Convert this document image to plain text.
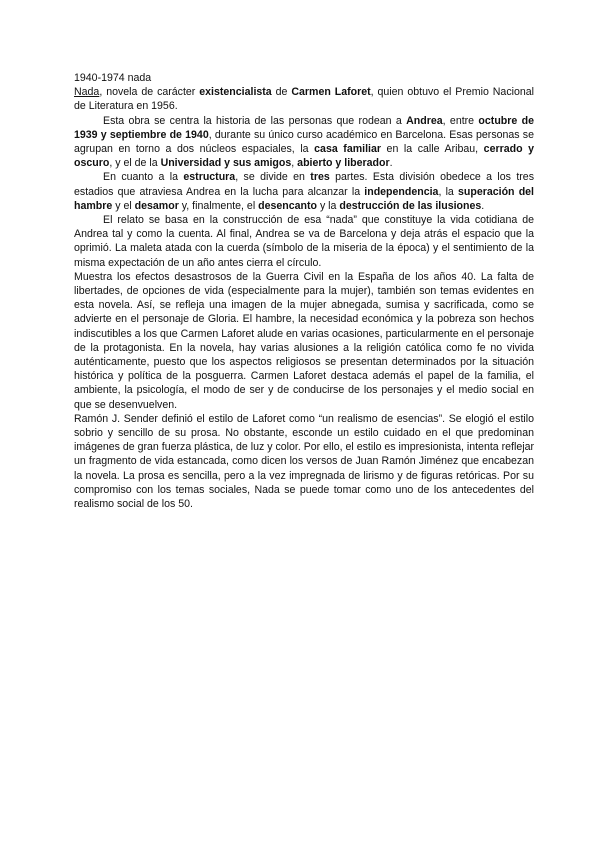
1940-1974 nada

Nada, novela de carácter existencialista de Carmen Laforet, quien obtuvo el Premio Nacional de Literatura en 1956.

Esta obra se centra la historia de las personas que rodean a Andrea, entre octubre de 1939 y septiembre de 1940, durante su único curso académico en Barcelona. Esas personas se agrupan en torno a dos núcleos espaciales, la casa familiar en la calle Aribau, cerrado y oscuro, y el de la Universidad y sus amigos, abierto y liberador.

En cuanto a la estructura, se divide en tres partes. Esta división obedece a los tres estadios que atraviesa Andrea en la lucha para alcanzar la independencia, la superación del hambre y el desamor y, finalmente, el desencanto y la destrucción de las ilusiones.

El relato se basa en la construcción de esa “nada” que constituye la vida cotidiana de Andrea tal y como la cuenta. Al final, Andrea se va de Barcelona y deja atrás el espacio que la oprimió. La maleta atada con la cuerda (símbolo de la miseria de la época) y el sentimiento de la misma expectación de un año antes cierra el círculo.

Muestra los efectos desastrosos de la Guerra Civil en la España de los años 40. La falta de libertades, de opciones de vida (especialmente para la mujer), también son temas evidentes en esta novela. Así, se refleja una imagen de la mujer abnegada, sumisa y sacrificada, como se advierte en el personaje de Gloria. El hambre, la necesidad económica y la pobreza son hechos indiscutibles a los que Carmen Laforet alude en varias ocasiones, particularmente en el personaje de la protagonista. En la novela, hay varias alusiones a la religión católica como fe no vivida auténticamente, puesto que los aspectos religiosos se presentan determinados por la situación histórica y política de la posguerra. Carmen Laforet destaca además el papel de la familia, el ambiente, la psicología, el modo de ser y de conducirse de los personajes y el medio social en que se desenvuelven.

Ramón J. Sender definió el estilo de Laforet como “un realismo de esencias”. Se elogió el estilo sobrio y sencillo de su prosa. No obstante, esconde un estilo cuidado en el que predominan imágenes de gran fuerza plástica, de luz y color. Por ello, el estilo es impresionista, intenta reflejar un fragmento de vida estancada, como dicen los versos de Juan Ramón Jiménez que encabezan la novela. La prosa es sencilla, pero a la vez impregnada de lirismo y de figuras retóricas. Por su compromiso con los temas sociales, Nada se puede tomar como uno de los antecedentes del realismo social de los 50.
